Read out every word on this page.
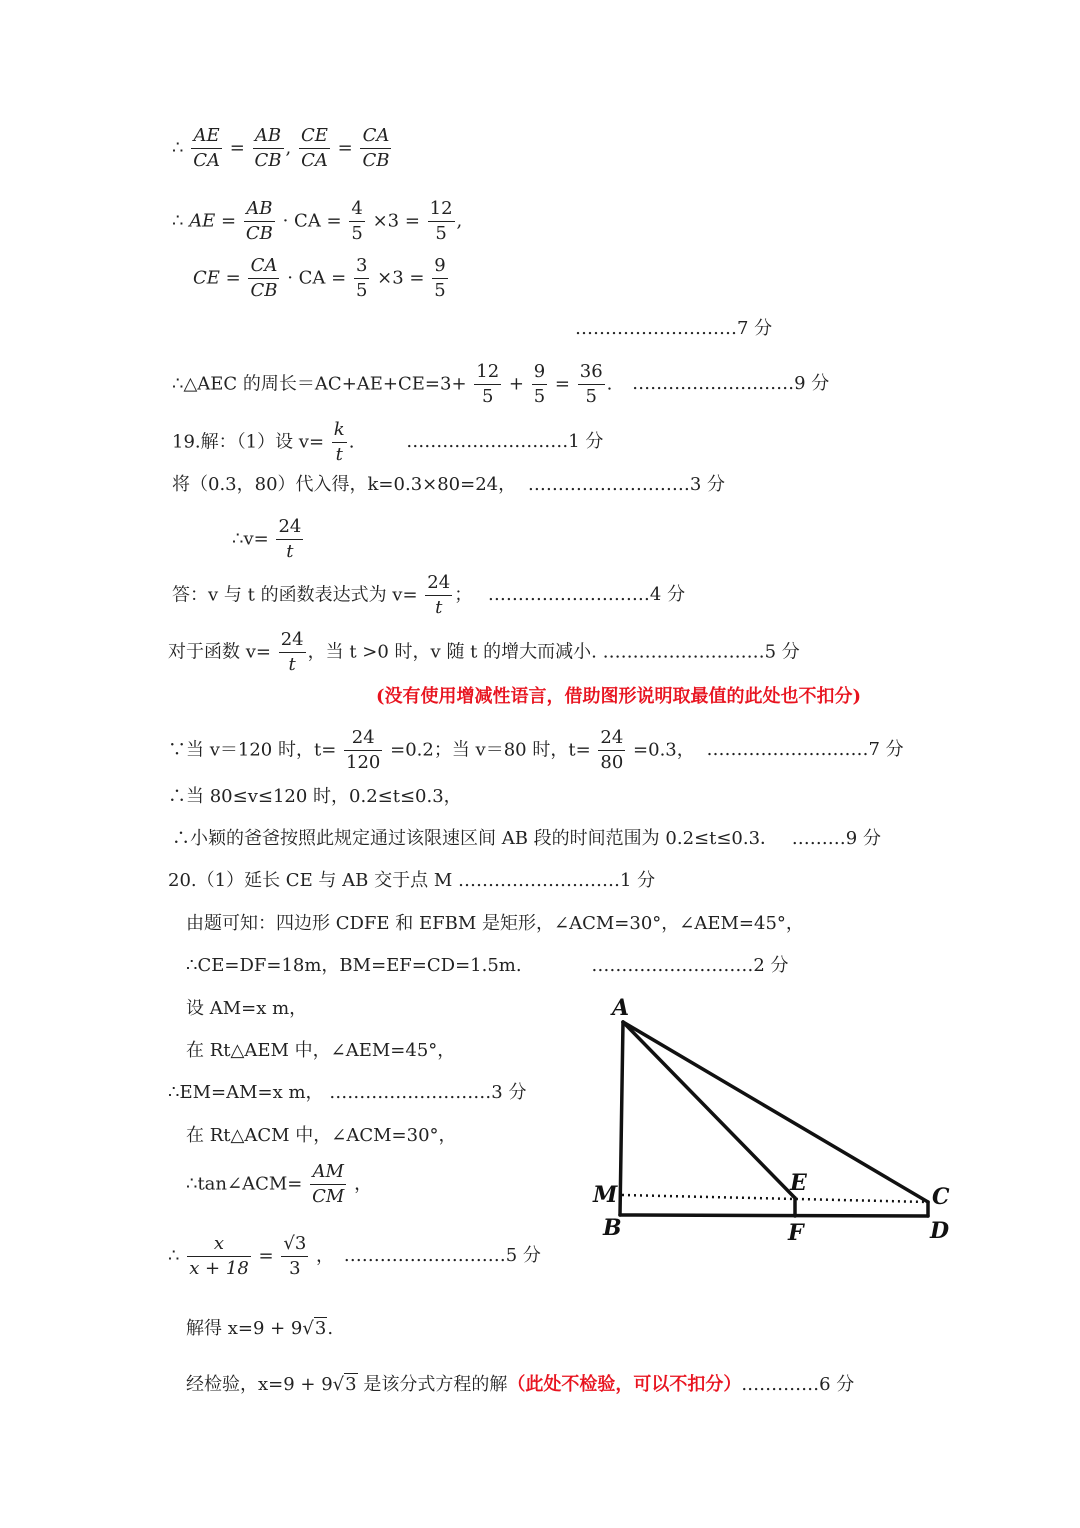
∴ $\frac{AE}{CA} = \frac{AB}{CB}$ , $\frac{CE}{CA} = \frac{CA}{CB}$
∴ AE = $\frac{AB}{CB}$ · CA = $\frac{4}{5} \times 3 = \frac{12}{5}$ ,
CE = $\frac{CA}{CB}$ · CA = $\frac{3}{5} \times 3 = \frac{9}{5}$
………………………7 分
∴△AEC 的周长$=AC+AE+CE=3+ \frac{12}{5} + \frac{9}{5} = \frac{36}{5}$ . ………………………9 分
19.解：（1）设 $v= \frac{k}{t}$ .	………………………1 分
将（0.3，80）代入得，k=0.3×80=24， ………………………3 分
∴v= $\frac{24}{t}$
答：v 与 t 的函数表达式为 $v= \frac{24}{t}$ ； ………………………4 分
对于函数 $v= \frac{24}{t}$ ，当 t >0 时，v 随 t 的增大而减小. ………………………5 分
(没有使用增减性语言，借助图形说明取最值的此处也不扣分)
∵当 v＝120 时，$t= \frac{24}{120} =0.2$；当 v＝80 时，$t= \frac{24}{80} =0.3$， ………………………7 分
∴当 80≤v≤120 时，0.2≤t≤0.3，
∴小颖的爸爸按照此规定通过该限速区间 AB 段的时间范围为 0.2≤t≤0.3． ………9 分
20.（1）延长 CE 与 AB 交于点 M ………………………1 分
由题可知：四边形 CDFE 和 EFBM 是矩形，∠ACM=30°，∠AEM=45°，
∴CE=DF=18m，BM=EF=CD=1.5m.	………………………2 分
设 AM=x m，
在 Rt△AEM 中，∠AEM=45°，
∴EM=AM=x m， ………………………3 分
在 Rt△ACM 中，∠ACM=30°，
∴tan∠ACM= $\frac{AM}{CM}$ ，
∴ $\frac{x}{x + 18} = \frac{√3}{3}$ ， ………………………5 分
解得 x=9 + 9√3.
经检验，x=9 + 9√3 是该分式方程的解（此处不检验，可以不扣分）.…………6 分
A
M
B
E
F
C
D
